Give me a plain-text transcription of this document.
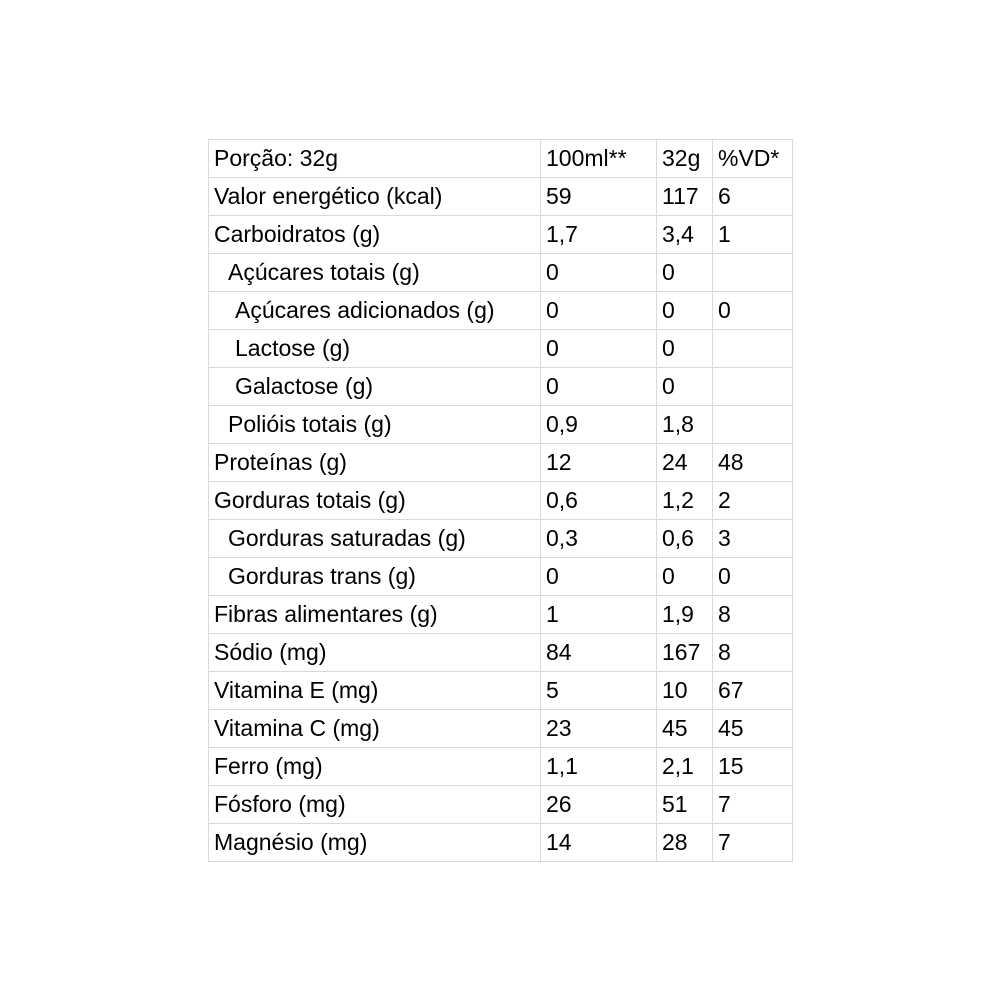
Porção: 32g	100ml**	32g	%VD*
Valor energético (kcal)	59	117	6
Carboidratos (g)	1,7	3,4	1
Açúcares totais (g)	0	0	
Açúcares adicionados (g)	0	0	0
Lactose (g)	0	0	
Galactose (g)	0	0	
Polióis totais (g)	0,9	1,8	
Proteínas (g)	12	24	48
Gorduras totais (g)	0,6	1,2	2
Gorduras saturadas (g)	0,3	0,6	3
Gorduras trans (g)	0	0	0
Fibras alimentares (g)	1	1,9	8
Sódio (mg)	84	167	8
Vitamina E (mg)	5	10	67
Vitamina C (mg)	23	45	45
Ferro (mg)	1,1	2,1	15
Fósforo (mg)	26	51	7
Magnésio (mg)	14	28	7
